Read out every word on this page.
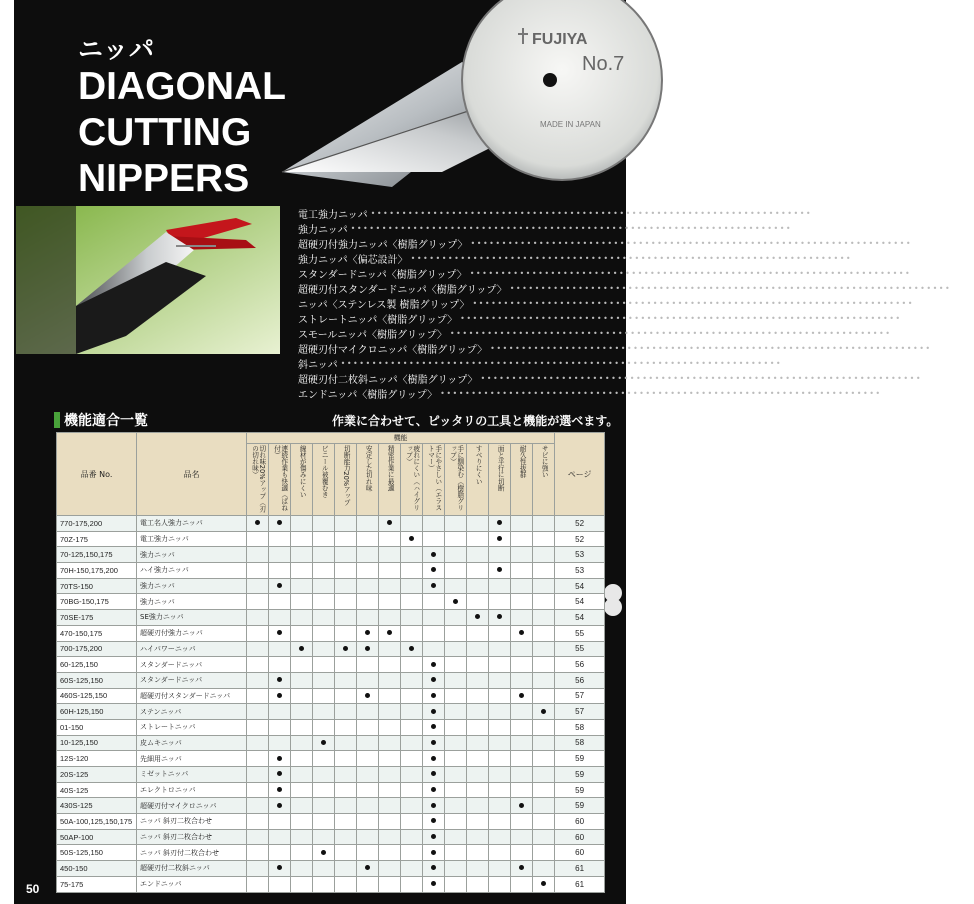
ニッパ
DIAGONAL
CUTTING
NIPPERS
FUJIYA
No.7
MADE IN JAPAN
電工強力ニッパ ••••••••••••••••••••••••••••••••••••••••••••••••••••••••••••••••••••••• P52
強力ニッパ ••••••••••••••••••••••••••••••••••••••••••••••••••••••••••••••••••••••• P53
超硬刃付強力ニッパ〈樹脂グリップ〉 ••••••••••••••••••••••••••••••••••••••••••••••••••••••••••••••••••••••• P55
強力ニッパ〈偏芯設計〉 ••••••••••••••••••••••••••••••••••••••••••••••••••••••••••••••••••••••• P55
スタンダードニッパ〈樹脂グリップ〉 ••••••••••••••••••••••••••••••••••••••••••••••••••••••••••••••••••••••• P56
超硬刃付スタンダードニッパ〈樹脂グリップ〉 ••••••••••••••••••••••••••••••••••••••••••••••••••••••••••••••••••••••• P57
ニッパ〈ステンレス製 樹脂グリップ〉 ••••••••••••••••••••••••••••••••••••••••••••••••••••••••••••••••••••••• P57
ストレートニッパ〈樹脂グリップ〉 ••••••••••••••••••••••••••••••••••••••••••••••••••••••••••••••••••••••• P58
スモールニッパ〈樹脂グリップ〉 ••••••••••••••••••••••••••••••••••••••••••••••••••••••••••••••••••••••• P59
超硬刃付マイクロニッパ〈樹脂グリップ〉 ••••••••••••••••••••••••••••••••••••••••••••••••••••••••••••••••••••••• P59
斜ニッパ ••••••••••••••••••••••••••••••••••••••••••••••••••••••••••••••••••••••• P60
超硬刃付二枚斜ニッパ〈樹脂グリップ〉 ••••••••••••••••••••••••••••••••••••••••••••••••••••••••••••••••••••••• P61
エンドニッパ〈樹脂グリップ〉 ••••••••••••••••••••••••••••••••••••••••••••••••••••••••••••••••••••••• P61
機能適合一覧	作業に合わせて、ピッタリの工具と機能が選べます。
品番 No.	品名	機能														ページ

		切れ味20%アップ（刃の切れ味）	連続作業も快適（ばね付）	線材が傷みにくい	ビニール被覆むき	切断能力20%アップ	安定した切れ味	精密作業に最適	疲れにくい（ハイグリップ）	手にやさしい（エラストマー）	手に馴染む（樹脂グリップ）	すべりにくい	面と平行に切断	耐久性抜群	サビに強い	

770-175,200	電工名人強力ニッパ															52
70Z-175	電工強力ニッパ															52
70-125,150,175	強力ニッパ															53
70H-150,175,200	ハイ強力ニッパ															53
70TS-150	強力ニッパ															54
70BG-150,175	強力ニッパ															54
70SE-175	SE強力ニッパ															54
470-150,175	超硬刃付強力ニッパ															55
700-175,200	ハイパワーニッパ															55
60-125,150	スタンダードニッパ															56
60S-125,150	スタンダードニッパ															56
460S-125,150	超硬刃付スタンダードニッパ															57
60H-125,150	ステンニッパ															57
01-150	ストレートニッパ															58
10-125,150	皮ムキニッパ															58
12S-120	先細用ニッパ															59
20S-125	ミゼットニッパ															59
40S-125	エレクトロニッパ															59
430S-125	超硬刃付マイクロニッパ															59
50A-100,125,150,175	ニッパ 斜刃二枚合わせ															60
50AP-100	ニッパ 斜刃二枚合わせ															60
50S-125,150	ニッパ 斜刃付二枚合わせ															60
450-150	超硬刃付二枚斜ニッパ															61
75-175	エンドニッパ															61
50
